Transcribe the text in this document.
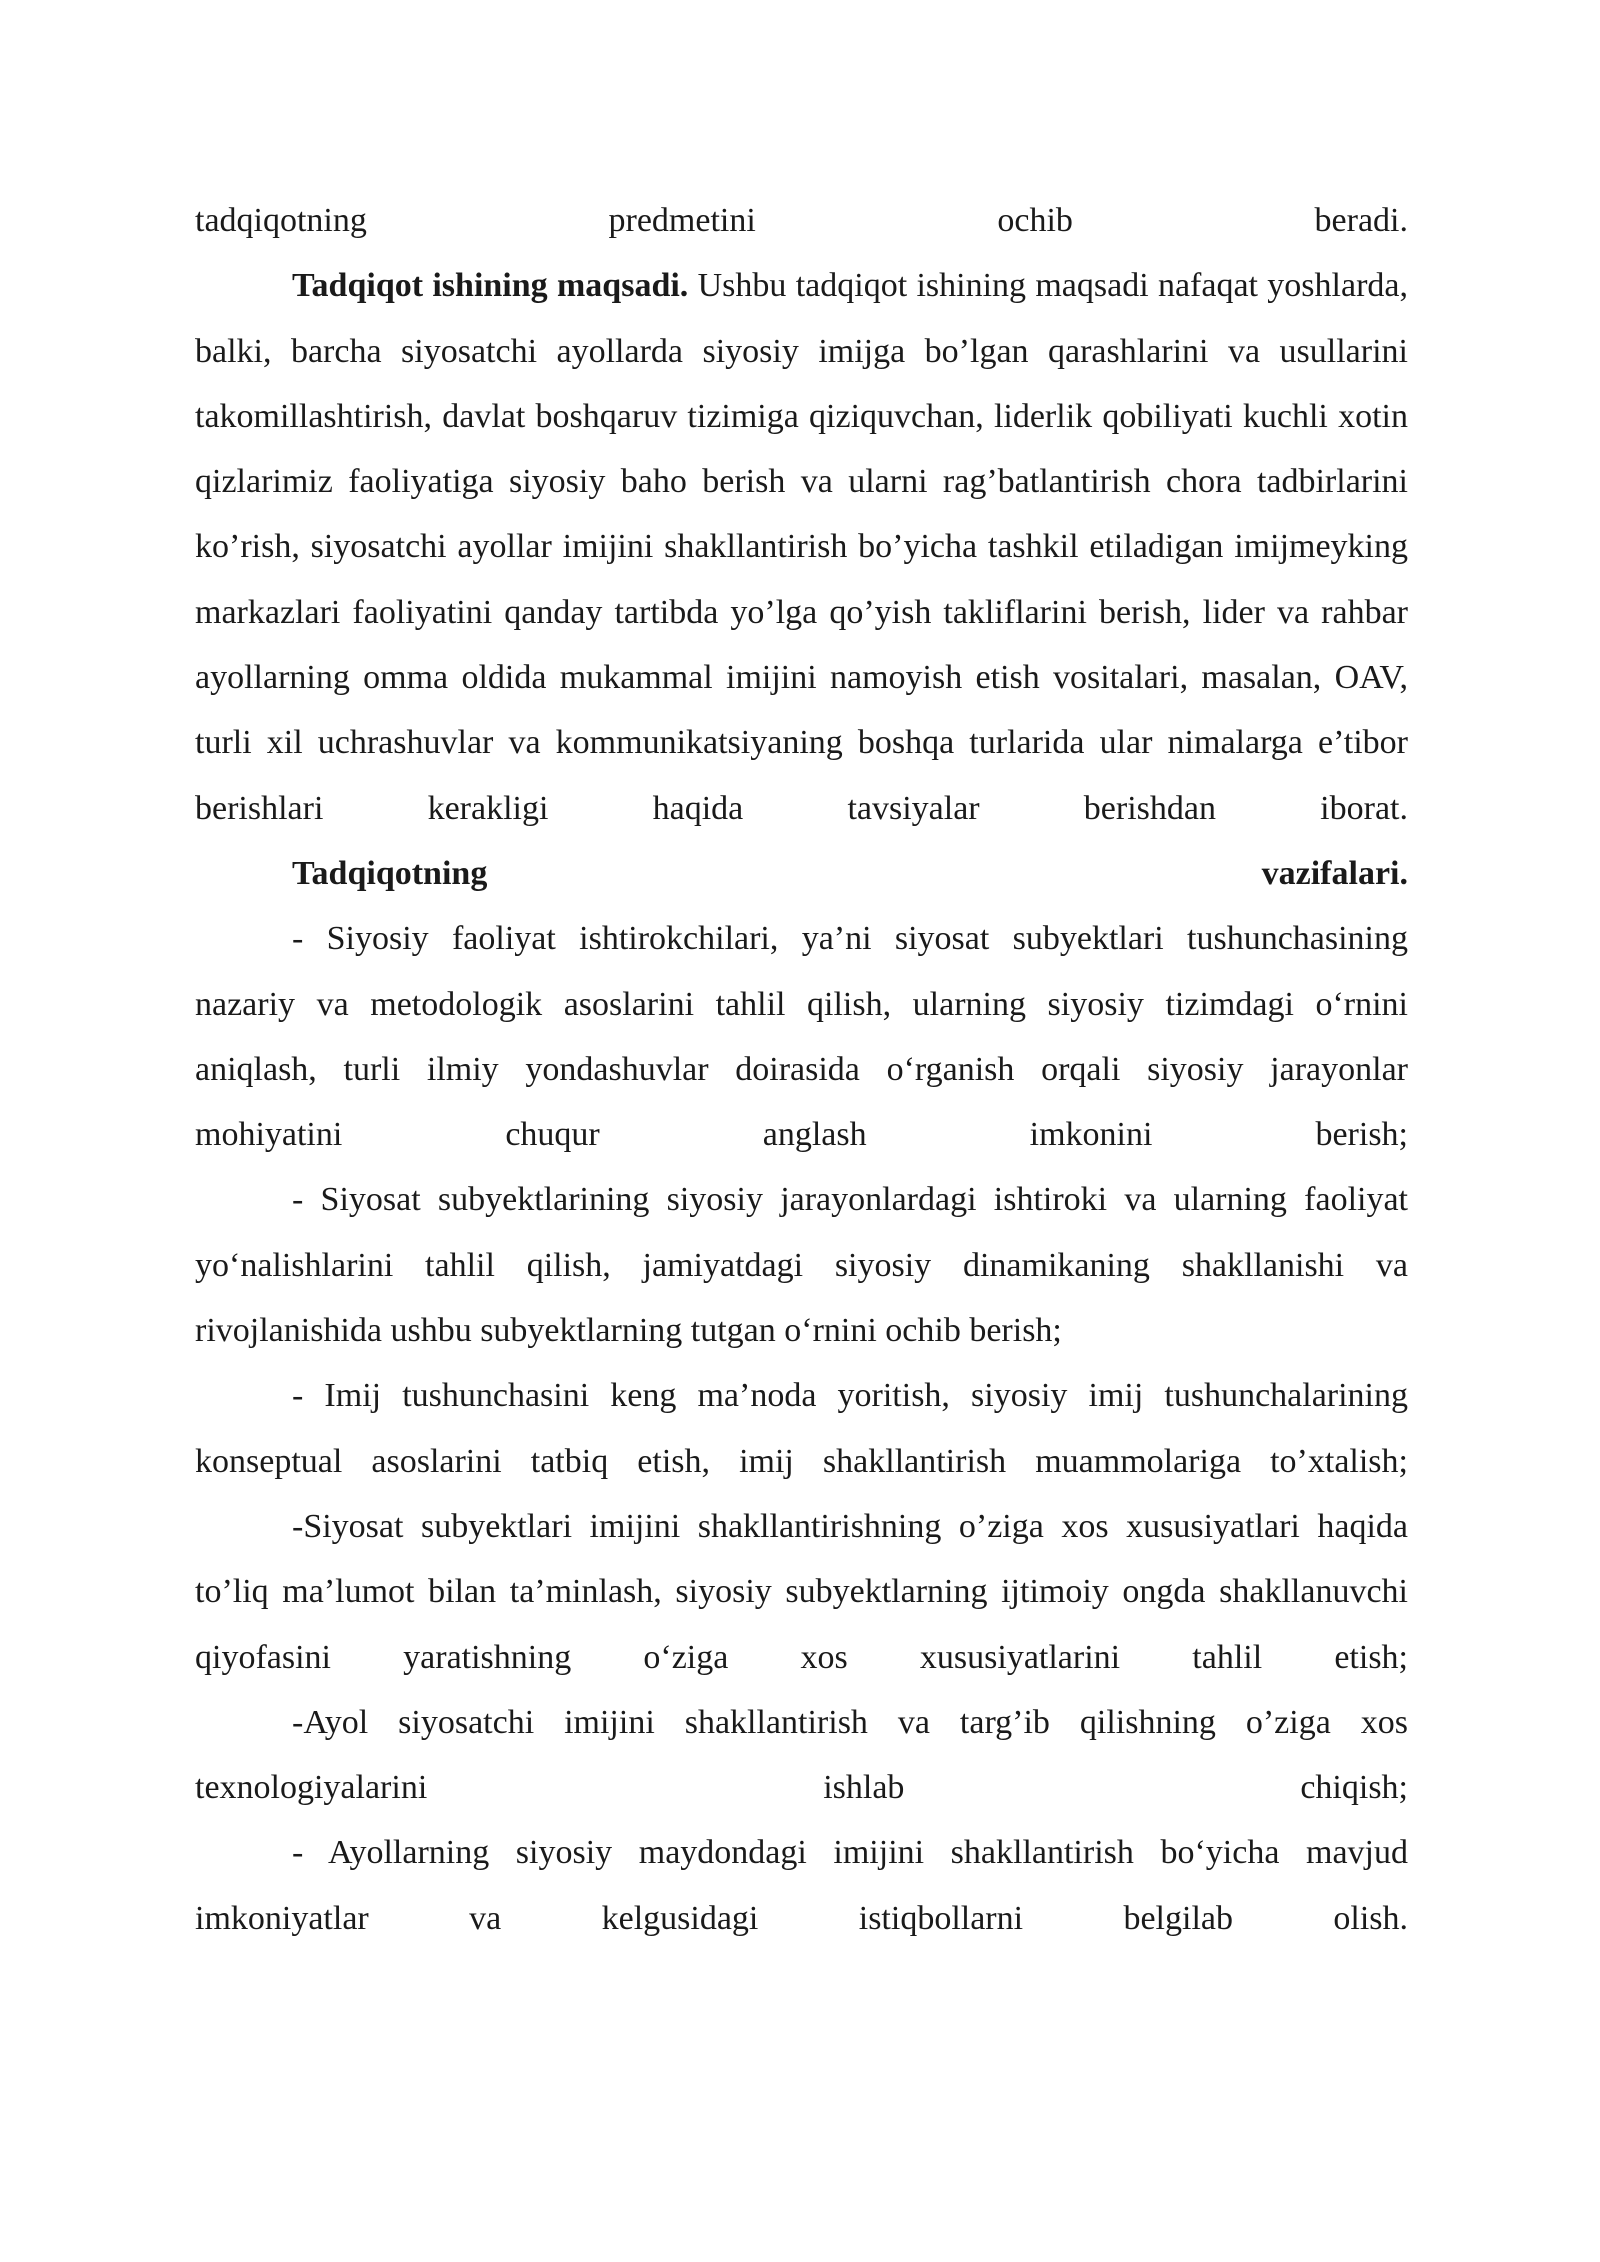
tadqiqotning predmetini ochib beradi.

Tadqiqot ishining maqsadi. Ushbu tadqiqot ishining maqsadi nafaqat yoshlarda, balki, barcha siyosatchi ayollarda siyosiy imijga bo’lgan qarashlarini va usullarini takomillashtirish, davlat boshqaruv tizimiga qiziquvchan, liderlik qobiliyati kuchli xotin qizlarimiz faoliyatiga siyosiy baho berish va ularni rag’batlantirish chora tadbirlarini ko’rish, siyosatchi ayollar imijini shakllantirish bo’yicha tashkil etiladigan imijmeyking markazlari faoliyatini qanday tartibda yo’lga qo’yish takliflarini berish, lider va rahbar ayollarning omma oldida mukammal imijini namoyish etish vositalari, masalan, OAV, turli xil uchrashuvlar va kommunikatsiyaning boshqa turlarida ular nimalarga e’tibor berishlari kerakligi haqida tavsiyalar berishdan iborat.

Tadqiqotning vazifalari.

- Siyosiy faoliyat ishtirokchilari, ya’ni siyosat subyektlari tushunchasining nazariy va metodologik asoslarini tahlil qilish, ularning siyosiy tizimdagi o‘rnini aniqlash, turli ilmiy yondashuvlar doirasida o‘rganish orqali siyosiy jarayonlar mohiyatini chuqur anglash imkonini berish;

- Siyosat subyektlarining siyosiy jarayonlardagi ishtiroki va ularning faoliyat yo‘nalishlarini tahlil qilish, jamiyatdagi siyosiy dinamikaning shakllanishi va rivojlanishida ushbu subyektlarning tutgan o‘rnini ochib berish;

- Imij tushunchasini keng ma’noda yoritish, siyosiy imij tushunchalarining konseptual asoslarini tatbiq etish, imij shakllantirish muammolariga to’xtalish;

-Siyosat subyektlari imijini shakllantirishning o’ziga xos xususiyatlari haqida to’liq ma’lumot bilan ta’minlash, siyosiy subyektlarning ijtimoiy ongda shakllanuvchi qiyofasini yaratishning o‘ziga xos xususiyatlarini tahlil etish;

-Ayol siyosatchi imijini shakllantirish va targ’ib qilishning o’ziga xos texnologiyalarini ishlab chiqish;

- Ayollarning siyosiy maydondagi imijini shakllantirish bo‘yicha mavjud imkoniyatlar va kelgusidagi istiqbollarni belgilab olish.
